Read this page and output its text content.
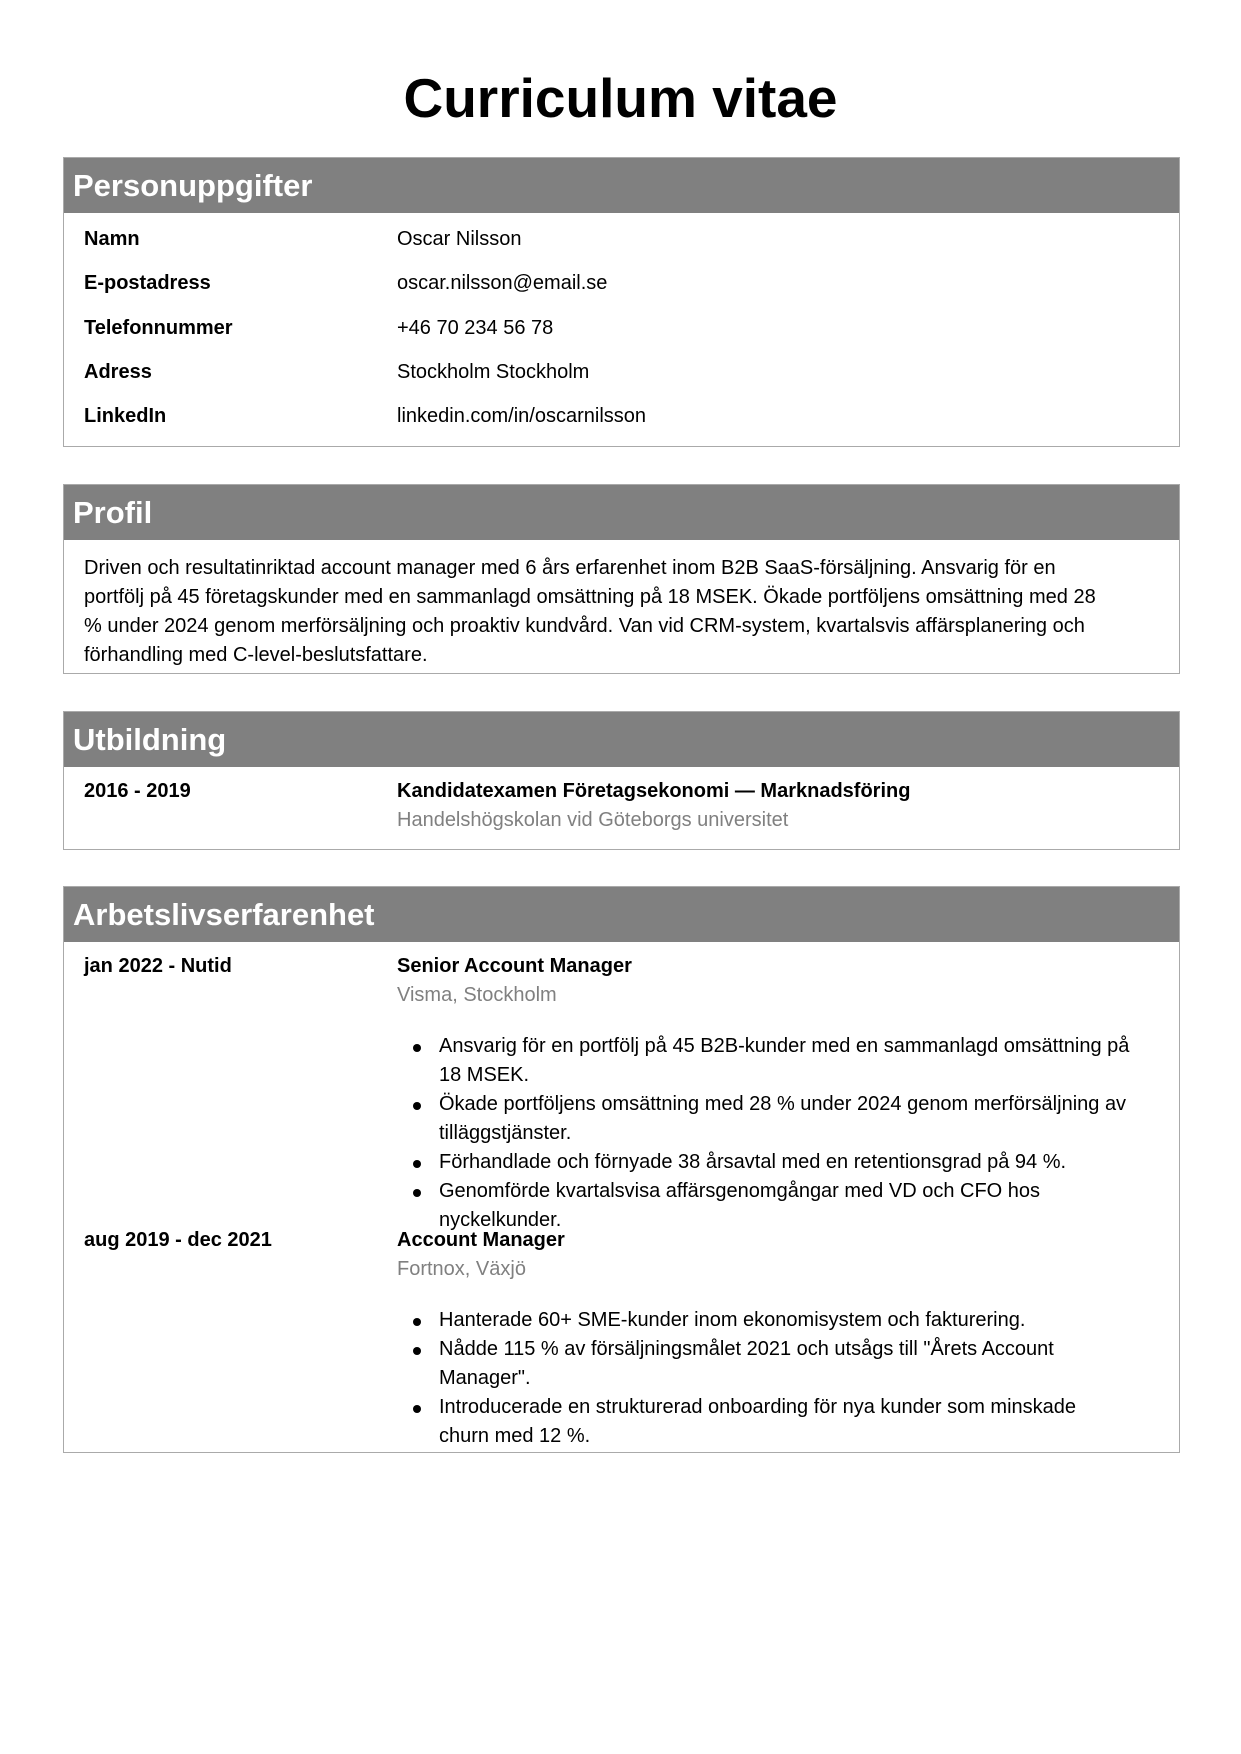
Curriculum vitae
Personuppgifter
Namn	Oscar Nilsson
E-postadress	oscar.nilsson@email.se
Telefonnummer	+46 70 234 56 78
Adress	Stockholm Stockholm
LinkedIn	linkedin.com/in/oscarnilsson
Profil
Driven och resultatinriktad account manager med 6 års erfarenhet inom B2B SaaS-försäljning. Ansvarig för en
portfölj på 45 företagskunder med en sammanlagd omsättning på 18 MSEK. Ökade portföljens omsättning med 28
% under 2024 genom merförsäljning och proaktiv kundvård. Van vid CRM-system, kvartalsvis affärsplanering och
förhandling med C-level-beslutsfattare.
Utbildning
2016 - 2019	Kandidatexamen Företagsekonomi — Marknadsföring
Handelshögskolan vid Göteborgs universitet
Arbetslivserfarenhet
jan 2022 - Nutid	Senior Account Manager
Visma, Stockholm
Ansvarig för en portfölj på 45 B2B-kunder med en sammanlagd omsättning på
18 MSEK.
Ökade portföljens omsättning med 28 % under 2024 genom merförsäljning av
tilläggstjänster.
Förhandlade och förnyade 38 årsavtal med en retentionsgrad på 94 %.
Genomförde kvartalsvisa affärsgenomgångar med VD och CFO hos
nyckelkunder.
aug 2019 - dec 2021	Account Manager
Fortnox, Växjö
Hanterade 60+ SME-kunder inom ekonomisystem och fakturering.
Nådde 115 % av försäljningsmålet 2021 och utsågs till "Årets Account
Manager".
Introducerade en strukturerad onboarding för nya kunder som minskade
churn med 12 %.
